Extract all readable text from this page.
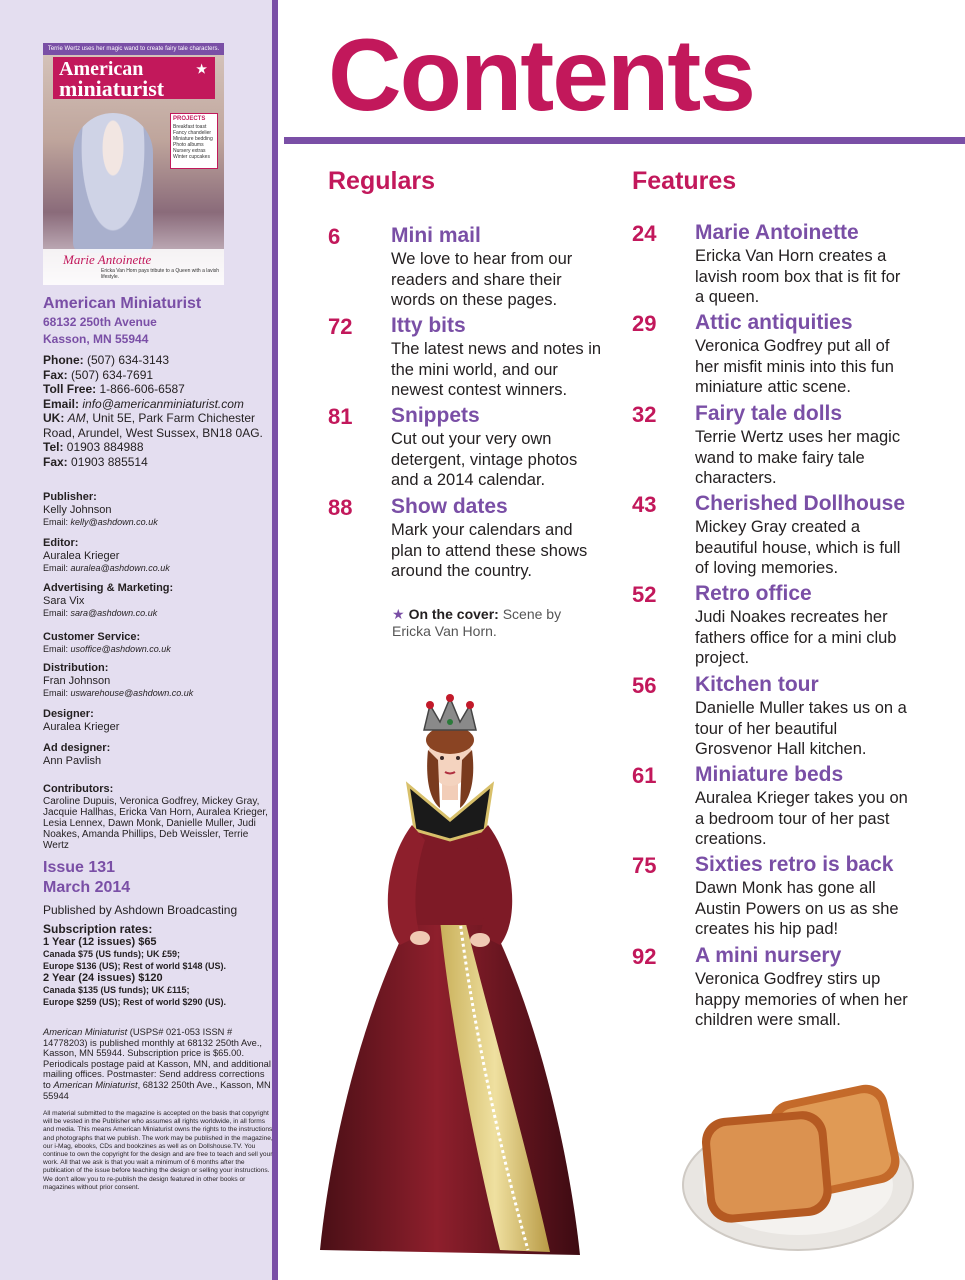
Terrie Wertz uses her magic wand to create fairy tale characters.
American
miniaturist
★
PROJECTS
Breakfast toast
Fancy chandelier
Miniature bedding
Photo albums
Nursery extras
Winter cupcakes
Marie Antoinette
Ericka Van Horn pays tribute to a Queen with a lavish lifestyle.
American Miniaturist
68132 250th Avenue
Kasson, MN 55944
Phone: (507) 634-3143
Fax: (507) 634-7691
Toll Free: 1-866-606-6587
Email: info@americanminiaturist.com
UK: AM, Unit 5E, Park Farm Chichester Road, Arundel, West Sussex, BN18 0AG.
Tel: 01903 884988
Fax: 01903 885514
Publisher:
Kelly Johnson
Email: kelly@ashdown.co.uk
Editor:
Auralea Krieger
Email: auralea@ashdown.co.uk
Advertising & Marketing:
Sara Vix
Email: sara@ashdown.co.uk
Customer Service:
Email: usoffice@ashdown.co.uk
Distribution:
Fran Johnson
Email: uswarehouse@ashdown.co.uk
Designer:
Auralea Krieger
Ad designer:
Ann Pavlish
Contributors:
Caroline Dupuis, Veronica Godfrey, Mickey Gray, Jacquie Hallhas, Ericka Van Horn, Auralea Krieger, Lesia Lennex, Dawn Monk, Danielle Muller, Judi Noakes, Amanda Phillips, Deb Weissler, Terrie Wertz
Issue 131
March 2014
Published by Ashdown Broadcasting
Subscription rates:
1 Year (12 issues) $65
Canada $75 (US funds); UK £59;
Europe $136 (US); Rest of world $148 (US).
2 Year (24 issues) $120
Canada $135 (US funds); UK £115;
Europe $259 (US); Rest of world $290 (US).
American Miniaturist (USPS# 021-053 ISSN # 14778203) is published monthly at 68132 250th Ave., Kasson, MN 55944. Subscription price is $65.00. Periodicals postage paid at Kasson, MN, and additional mailing offices. Postmaster: Send address corrections to American Miniaturist, 68132 250th Ave., Kasson, MN 55944
All material submitted to the magazine is accepted on the basis that copyright will be vested in the Publisher who assumes all rights worldwide, in all forms and media. This means American Miniaturist owns the rights to the instructions and photographs that we publish. The work may be published in the magazine, our i-Mag, ebooks, CDs and bookzines as well as on Dollshouse.TV. You continue to own the copyright for the design and are free to teach and sell your work. All that we ask is that you wait a minimum of 6 months after the publication of the issue before teaching the design or selling your instructions. We don't allow you to re-publish the design featured in other books or magazines without prior consent.
Contents
Regulars
6 Mini mail
We love to hear from our readers and share their words on these pages.
72 Itty bits
The latest news and notes in the mini world, and our newest contest winners.
81 Snippets
Cut out your very own detergent, vintage photos and a 2014 calendar.
88 Show dates
Mark your calendars and plan to attend these shows around the country.
★ On the cover: Scene by Ericka Van Horn.
Features
24 Marie Antoinette
Ericka Van Horn creates a lavish room box that is fit for a queen.
29 Attic antiquities
Veronica Godfrey put all of her misfit minis into this fun miniature attic scene.
32 Fairy tale dolls
Terrie Wertz uses her magic wand to make fairy tale characters.
43 Cherished Dollhouse
Mickey Gray created a beautiful house, which is full of loving memories.
52 Retro office
Judi Noakes recreates her fathers office for a mini club project.
56 Kitchen tour
Danielle Muller takes us on a tour of her beautiful Grosvenor Hall kitchen.
61 Miniature beds
Auralea Krieger takes you on a bedroom tour of her past creations.
75 Sixties retro is back
Dawn Monk has gone all Austin Powers on us as she creates his hip pad!
92 A mini nursery
Veronica Godfrey stirs up happy memories of when her children were small.
